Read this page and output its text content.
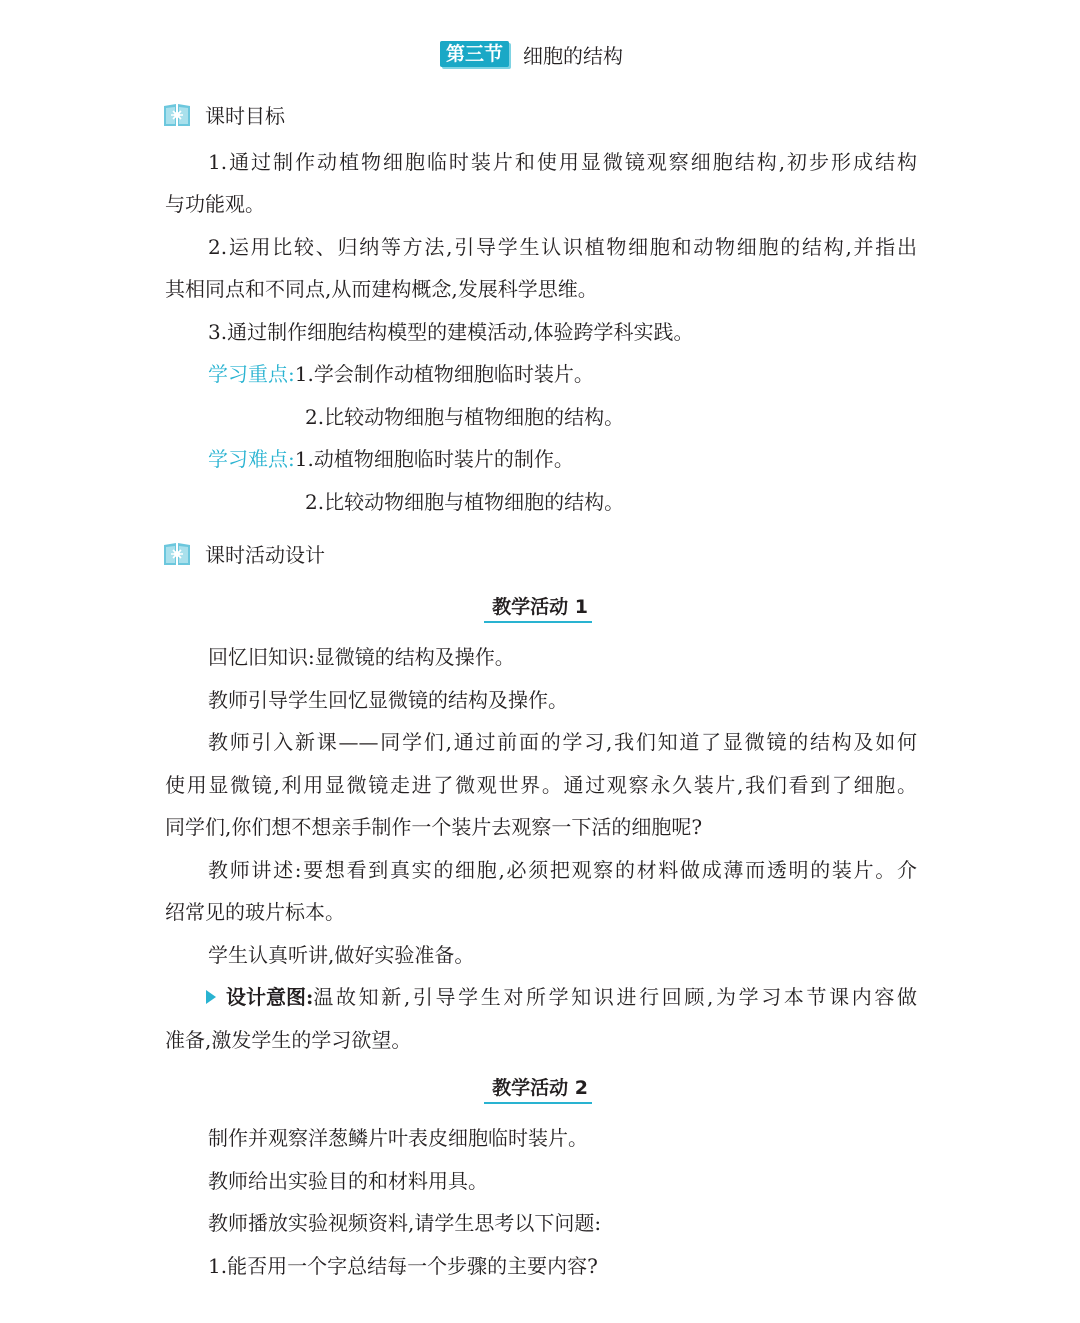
第三节	细胞的结构
课时目标
1.通过制作动植物细胞临时装片和使用显微镜观察细胞结构,初步形成结构
与功能观。
2.运用比较、归纳等方法,引导学生认识植物细胞和动物细胞的结构,并指出
其相同点和不同点,从而建构概念,发展科学思维。
3.通过制作细胞结构模型的建模活动,体验跨学科实践。
学习重点:1.学会制作动植物细胞临时装片。
2.比较动物细胞与植物细胞的结构。
学习难点:1.动植物细胞临时装片的制作。
2.比较动物细胞与植物细胞的结构。
课时活动设计
教学活动 1
回忆旧知识:显微镜的结构及操作。
教师引导学生回忆显微镜的结构及操作。
教师引入新课——同学们,通过前面的学习,我们知道了显微镜的结构及如何
使用显微镜,利用显微镜走进了微观世界。通过观察永久装片,我们看到了细胞。
同学们,你们想不想亲手制作一个装片去观察一下活的细胞呢?
教师讲述:要想看到真实的细胞,必须把观察的材料做成薄而透明的装片。介
绍常见的玻片标本。
学生认真听讲,做好实验准备。
设计意图: 温故知新,引导学生对所学知识进行回顾,为学习本节课内容做
准备,激发学生的学习欲望。
教学活动 2
制作并观察洋葱鳞片叶表皮细胞临时装片。
教师给出实验目的和材料用具。
教师播放实验视频资料,请学生思考以下问题:
1.能否用一个字总结每一个步骤的主要内容?
